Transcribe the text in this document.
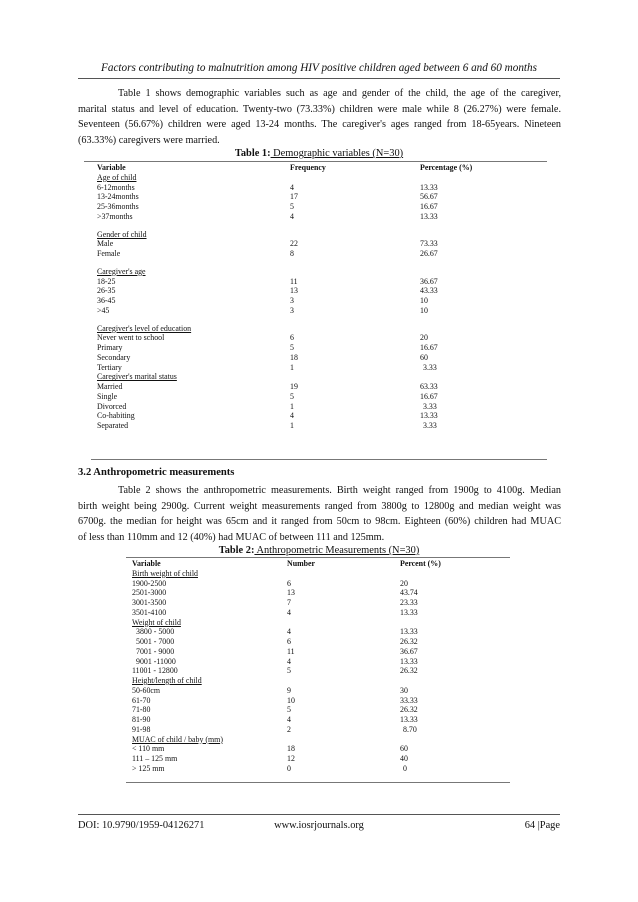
Factors contributing to malnutrition among HIV positive children aged between 6 and 60 months
Table 1 shows demographic variables such as age and gender of the child, the age of the caregiver,
marital status and level of education. Twenty-two (73.33%) children were male while 8 (26.27%) were female.
Seventeen (56.67%) children were aged 13-24 months. The caregiver's ages ranged from 18-65years. Nineteen
(63.33%) caregivers were married.
Table 1: Demographic variables (N=30)
Variable	Frequency	Percentage (%)
Age of child
6-12months	4	13.33
13-24months	17	56.67
25-36months	5	16.67
>37months	4	13.33
Gender of child
Male	22	73.33
Female	8	26.67
Caregiver's age
18-25	11	36.67
26-35	13	43.33
36-45	3	10
>45	3	10
Caregiver's level of education
Never went to school	6	20
Primary	5	16.67
Secondary	18	60
Tertiary	1	3.33
Caregiver's marital status
Married	19	63.33
Single	5	16.67
Divorced	1	3.33
Co-habiting	4	13.33
Separated	1	3.33
3.2 Anthropometric measurements
Table 2 shows the anthropometric measurements. Birth weight ranged from 1900g to 4100g. Median
birth weight being 2900g. Current weight measurements ranged from 3800g to 12800g and median weight was
6700g. the median for height was 65cm and it ranged from 50cm to 98cm. Eighteen (60%) children had MUAC
of less than 110mm and 12 (40%) had MUAC of between 111 and 125mm.
Table 2: Anthropometric Measurements (N=30)
Variable	Number	Percent (%)
Birth weight of child
1900-2500	6	20
2501-3000	13	43.74
3001-3500	7	23.33
3501-4100	4	13.33
Weight of child
3800 - 5000	4	13.33
5001 - 7000	6	26.32
7001 - 9000	11	36.67
9001 -11000	4	13.33
11001 - 12800	5	26.32
Height/length of child
50-60cm	9	30
61-70	10	33.33
71-80	5	26.32
81-90	4	13.33
91-98	2	8.70
MUAC of child / baby (mm)
< 110 mm	18	60
111 – 125 mm	12	40
> 125 mm	0	0
DOI: 10.9790/1959-04126271	www.iosrjournals.org	64 |Page
